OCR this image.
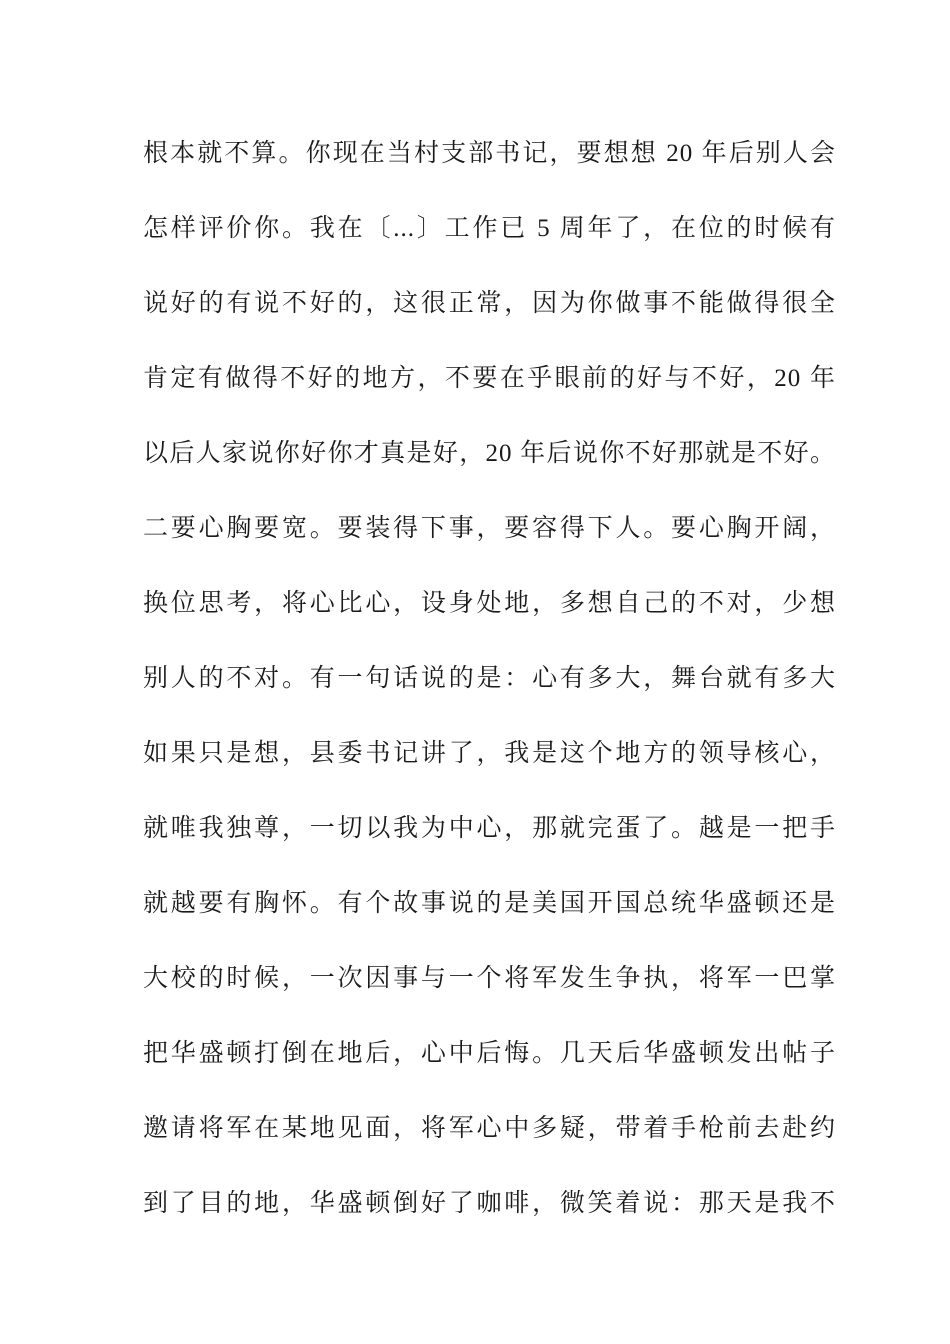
根本就不算。你现在当村支部书记，要想想 20 年后别人会
怎样评价你。我在〔...〕工作已 5 周年了，在位的时候有
说好的有说不好的，这很正常，因为你做事不能做得很全
肯定有做得不好的地方，不要在乎眼前的好与不好，20 年
以后人家说你好你才真是好，20 年后说你不好那就是不好。
二要心胸要宽。要装得下事，要容得下人。要心胸开阔，
换位思考，将心比心，设身处地，多想自己的不对，少想
别人的不对。有一句话说的是：心有多大，舞台就有多大
如果只是想，县委书记讲了，我是这个地方的领导核心，
就唯我独尊，一切以我为中心，那就完蛋了。越是一把手
就越要有胸怀。有个故事说的是美国开国总统华盛顿还是
大校的时候，一次因事与一个将军发生争执，将军一巴掌
把华盛顿打倒在地后，心中后悔。几天后华盛顿发出帖子
邀请将军在某地见面，将军心中多疑，带着手枪前去赴约
到了目的地，华盛顿倒好了咖啡，微笑着说：那天是我不
